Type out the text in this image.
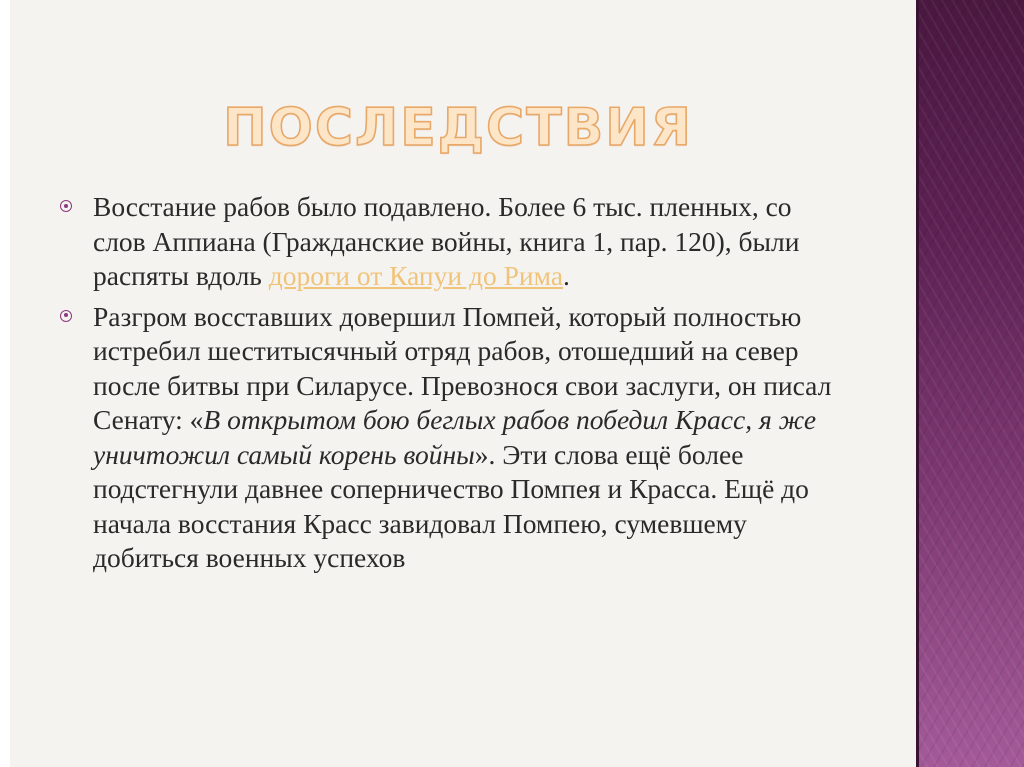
ПОСЛЕДСТВИЯ
Восстание рабов было подавлено. Более 6 тыс. пленных, со слов Аппиана (Гражданские войны, книга 1, пар. 120), были распяты вдоль дороги от Капуи до Рима.
Разгром восставших довершил Помпей, который полностью истребил шеститысячный отряд рабов, отошедший на север после битвы при Силарусе. Превознося свои заслуги, он писал Сенату: «В открытом бою беглых рабов победил Красс, я же уничтожил самый корень войны». Эти слова ещё более подстегнули давнее соперничество Помпея и Красса. Ещё до начала восстания Красс завидовал Помпею, сумевшему добиться военных успехов
